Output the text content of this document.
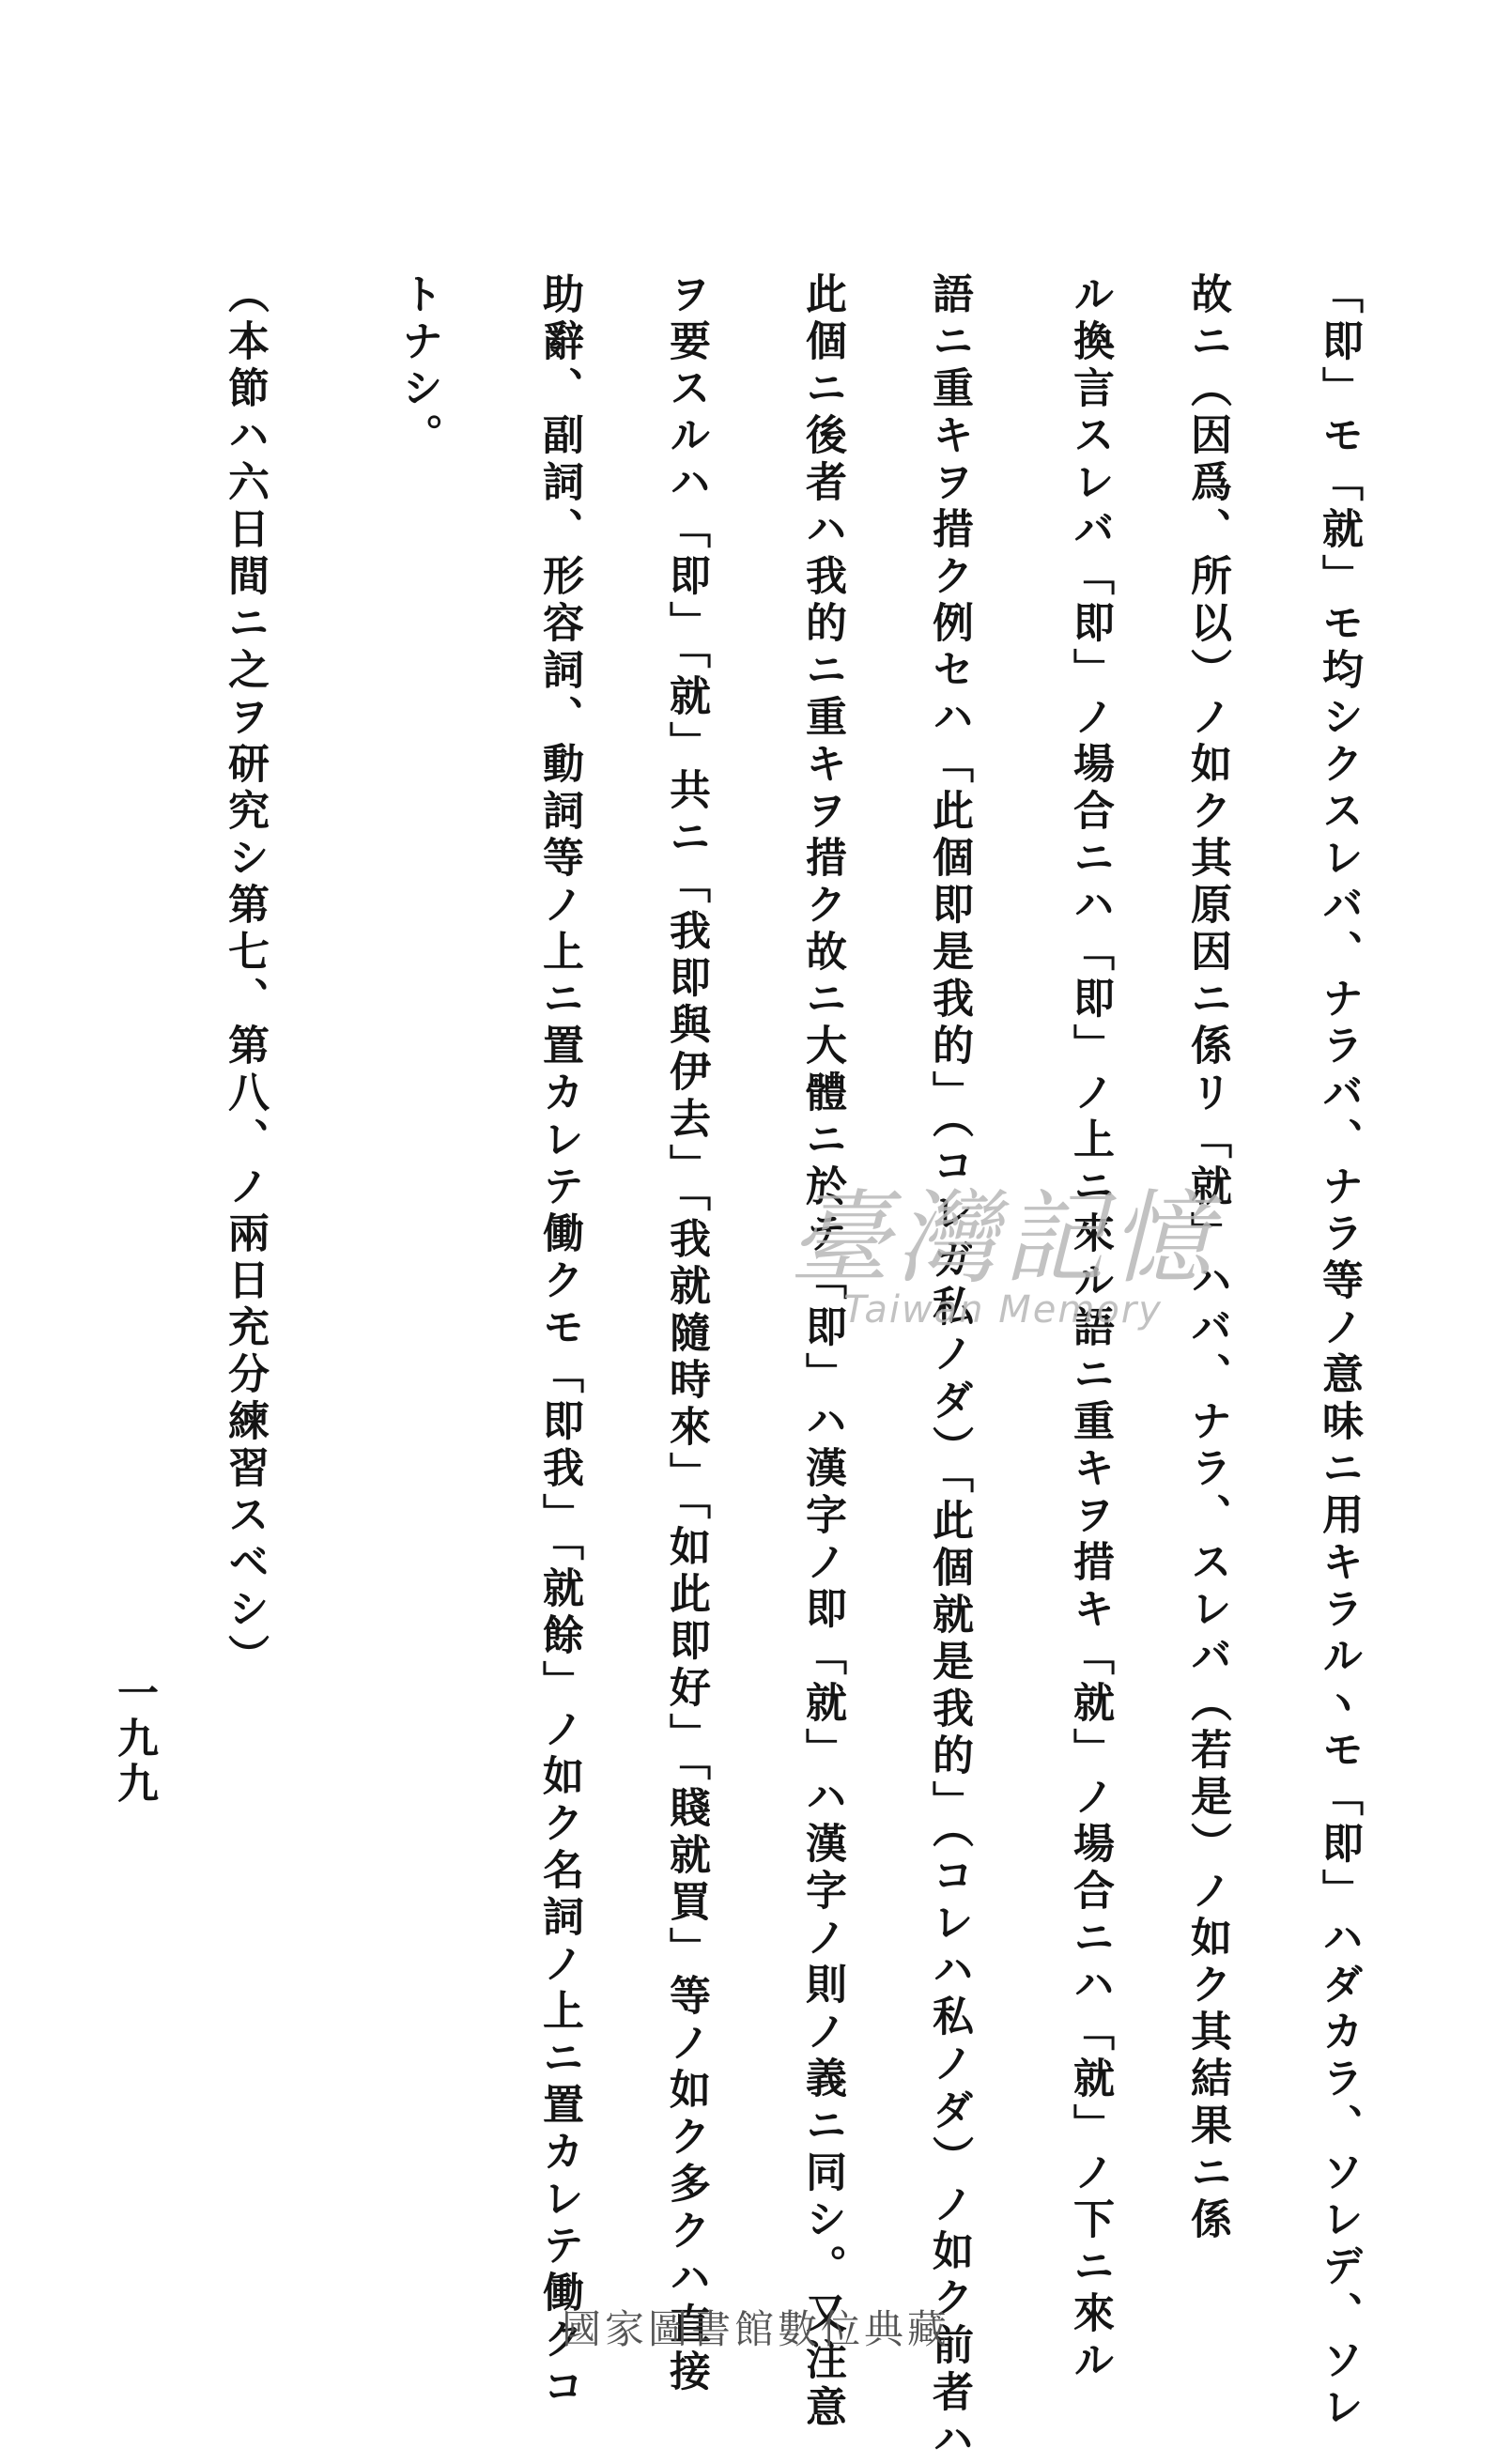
「即」モ「就」モ均シクスレバ、ナラバ、ナラ等ノ意味ニ用キラルヽモ「即」ハダカラ、ソレデ、ソレ
故ニ（因爲、所以）ノ如ク其原因ニ係リ「就」ハバ、ナラ、スレバ（若是）ノ如ク其結果ニ係
ル換言スレバ「即」ノ場合ニハ「即」ノ上ニ來ル語ニ重キヲ措キ「就」ノ場合ニハ「就」ノ下ニ來ル
語ニ重キヲ措ク例セハ「此個即是我的」（コレガ私ノダ）「此個就是我的」（コレハ私ノダ）ノ如ク前者ハ
此個ニ後者ハ我的ニ重キヲ措ク故ニ大體ニ於テ「即」ハ漢字ノ即「就」ハ漢字ノ則ノ義ニ同シ。又注意
ヲ要スルハ「即」「就」共ニ「我即與伊去」「我就隨時來」「如此即好」「賤就買」等ノ如ク多クハ直接
助辭、副詞、形容詞、動詞等ノ上ニ置カレテ働クモ「即我」「就餘」ノ如ク名詞ノ上ニ置カレテ働クコ
トナシ。
（本節ハ六日間ニ之ヲ研究シ第七、第八、ノ兩日充分練習スベシ）
一九九
臺灣記憶
Taiwan Memory
國家圖書館數位典藏
